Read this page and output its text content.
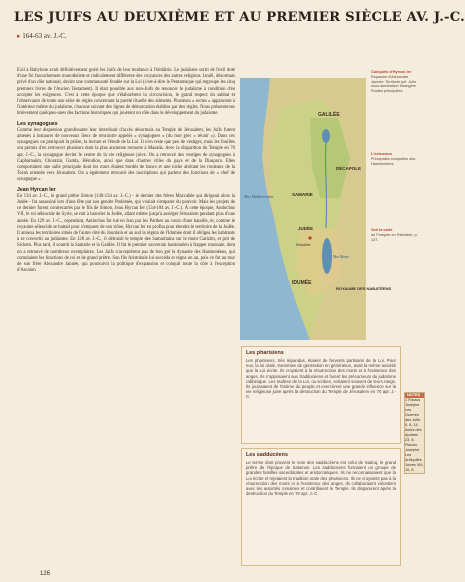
LES JUIFS AU DEUXIÈME ET AU PREMIER SIÈCLE AV. J.-C.
▸ 164-63 av. J.-C.

Exil à Babylone avait définitivement guéri les Juifs de leur tendance à l'idolâtrie. Le judaïsme sortit de l'exil doté d'une foi farouchement monothéiste et radicalement différente des croyances des autres religions. Israël, désormais privé d'un rôle national, devint une communauté fondée sur la Loi (c'est-à-dire le Pentateuque qui regroupe les cinq premiers livres de l'Ancien Testament). Il était possible aux non-Juifs de renoncer le judaïsme à condition d'en accepter les exigences. C'est à cette époque que s'élaborèrent la circoncision, le grand respect du sabbat et l'observance de toute une série de règles concernant la pureté rituelle des aliments. Plusieurs « sectes » apparurent à l'intérieur même du judaïsme, chacune suivant des lignes de démarcation établies par des règles. Nous présenterons brièvement quelques-unes des factions historiques qui jouèrent un rôle dans le développement du judaïsme.

Les synagogues

Comme leur dispersion grandissante leur interdisait d'accès désormais au Temple de Jérusalem, les Juifs furent amenés à instaurer de nouveaux lieux de rencontre appelés « synagogues » (du mot grec « réunir »). Dans ces synagogues on pratiquait la prière, la lecture et l'étude de la Loi. Il n'en reste que peu de vestiges, mais les fouilles ont permis d'en retrouver plusieurs dont la plus ancienne remonte à Masada. Avec la disparition du Temple en 70 apr. J.-C., la synagogue devint le centre de la vie religieuse juive. On a retrouvé des vestiges de synagogues à Capharnaüm, Chorazin, Gamla, Hérodion, ainsi que dans d'autres villes du pays et de la Diaspora. Elles comportaient une salle principale dont les murs étaient bordés de bancs et une niche abritant les rouleaux de la Torah orientée vers Jérusalem. On a également retrouvé des inscriptions qui parlent des fonctions de « chef de synagogue ».

Jean Hyrcan Ier

En 134 av. J.-C., le grand prêtre Simon (140-134 av. J.-C.) - le dernier des frères Maccabée qui dirigeait alors la Judée - fut assassiné lors d'une fête par son gendre Ptolémée, qui voulait s'emparer du pouvoir. Mais les projets de ce dernier furent contrecarrés par le fils de Simon, Jean Hyrcan Ier (134-104 av. J.-C.). À cette époque, Antiochus VII, le roi séleucide de Syrie, se mit à harceler la Judée, allant même jusqu'à assiéger Jérusalem pendant plus d'une année. En 129 av. J.-C., cependant, Antiochus fut tué en Iran par les Parthes au cours d'une bataille, et, comme le royaume séleucide se battait pour s'emparer de son trône, Hyrcan Ier en profita pour étendre le territoire de la Judée. Il annexa les territoires situés de l'autre côté du Jourdain et au sud la région de l'Idumée dont il obligea les habitants à se convertir au judaïsme. En 128 av. J.-C., il détruisit le temple des Samaritains sur le mont Garizim, et prit de Sichem. Plus tard, il soumit la Samarie et la Galilée. Il fut le premier souverain hasmonéen à frapper monnaie, dont on a retrouvé de nombreux exemplaires. Les Juifs n'acceptèrent pas de bon gré la dynastie des Hasmonéens, qui cumulaient les fonctions de roi et de grand prêtre. Son fils Aristobule lui succéda et régna un an, puis ce fut au tour de son frère Alexandre Jannée, qui poursuivit la politique d'expansion et conquit toute la côte à l'exception d'Ascalon.

GALILÉE
DÉCAPOLE
SAMARIE
JUDÉE
IDUMÉE
ROYAUME DES NABATÉENS
Mer Méditerranée
Jérusalem
Mer Morte
Conquête d'Hyrcan Ier
Royaume d'Alexandre Jannée. Territoire juif. Juifs sous domination étrangère. Routes principales.
L'extension
Principales conquêtes des Hasmonéens.
Voir la carte
de Pompée en Palestine, p. 137.
Les pharisiens
Les pharisiens, très répandus, étaient de fervents partisans de la Loi. Pour eux, la loi orale, transmise de génération en génération, avait la même autorité que la Loi écrite. Ils croyaient à la résurrection des morts et à l'existence des anges. Ils s'opposaient aux Sadducéens et furent les précurseurs du judaïsme rabbinique. Les maîtres de la Loi, ou scribes, sortaient souvent de leurs rangs. Ils jouissaient de l'estime du peuple et exercèrent une grande influence sur la vie religieuse juive après la destruction du Temple de Jérusalem en 70 apr. J.-C.
Les sadducéens
Le terme dont provient le nom des sadducéens est celui de Sadoq, le grand prêtre de l'époque de Salomon. Les sadducéens formaient un groupe de grandes familles sacerdotales et aristocratiques. Ils ne reconnaissaient que la Loi écrite et rejetaient la tradition orale des pharisiens. Ils ne croyaient pas à la résurrection des morts ni à l'existence des anges. Ils collaboraient volontiers avec les autorités romaines et contrôlaient le Temple. Ils disparurent après la destruction du Temple en 70 apr. J.-C.
NOTES
1 Flavius Josèphe
Les Guerres des Juifs
II, 8, 14. Actes des Apôtres
23, 8. Flavius Josèphe
Les Antiquités
Juives XIII, 10, 6.
126
